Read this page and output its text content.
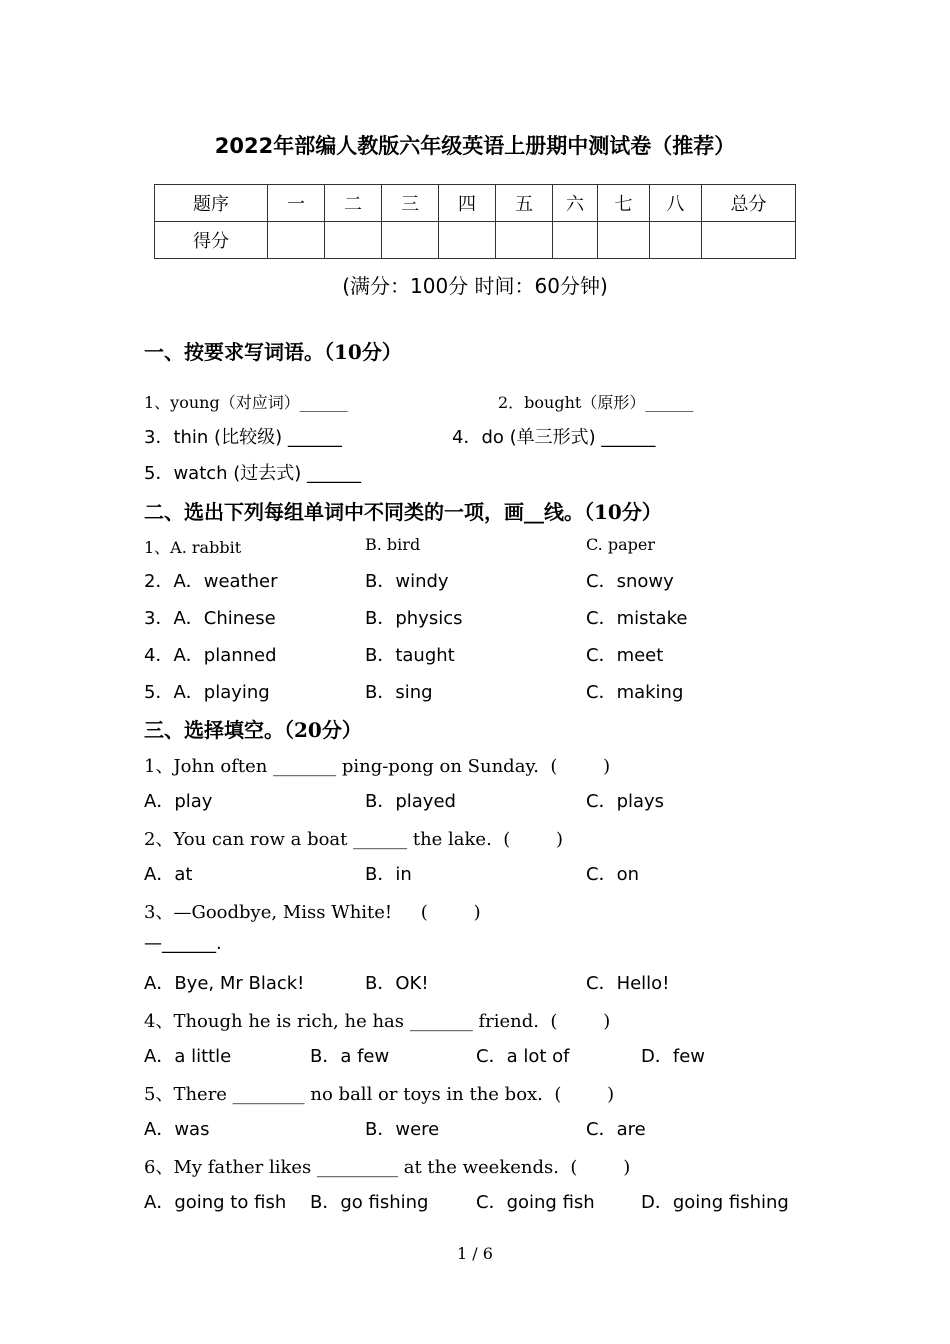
2022年部编人教版六年级英语上册期中测试卷（推荐）
题序	一	二	三	四	五	六	七	八	总分
得分									
(满分：100分 时间：60分钟)
一、按要求写词语。（10分）
1、young（对应词）______	2．bought（原形）______
3．thin (比较级) ______	4．do (单三形式) ______
5．watch (过去式) ______
二、选出下列每组单词中不同类的一项，画__线。（10分）
1、A. rabbit	B. bird	C. paper
2．A．weather	B．windy	C．snowy
3．A．Chinese	B．physics	C．mistake
4．A．planned	B．taught	C．meet
5．A．playing	B．sing	C．making
三、选择填空。（20分）
1、John often _______ ping-pong on Sunday.  (        )
A．play	B．played	C．plays
2、You can row a boat ______ the lake.  (        )
A．at	B．in	C．on
3、—Goodbye, Miss White!     (        )
—______.
A．Bye, Mr Black!	B．OK!	C．Hello!
4、Though he is rich, he has _______ friend.  (        )
A．a little	B．a few	C．a lot of	D．few
5、There ________ no ball or toys in the box.  (        )
A．was	B．were	C．are
6、My father likes _________ at the weekends.  (        )
A．going to fish B．go fishing	C．going fish	D．going fishing
1 / 6
